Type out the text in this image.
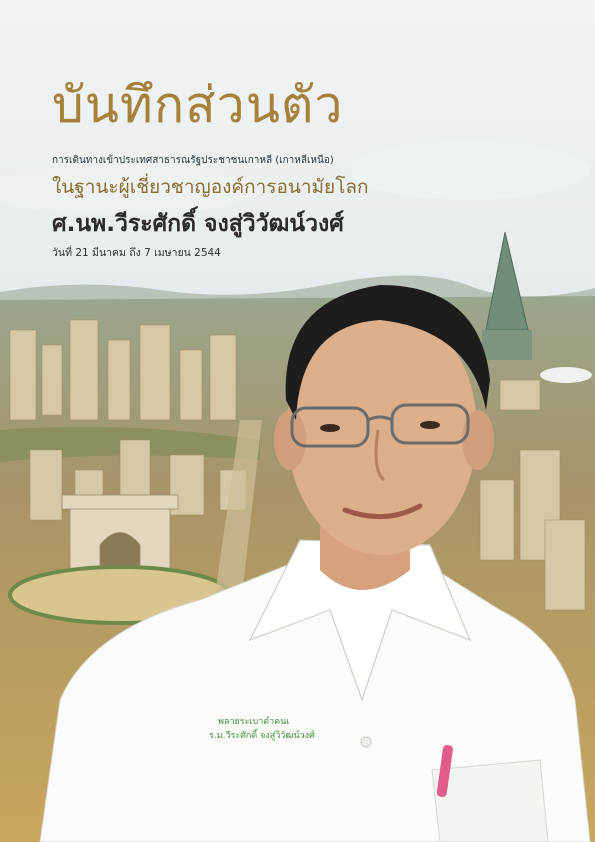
บันทึกส่วนตัว
การเดินทางเข้าประเทศสาธารณรัฐประชาชนเกาหลี (เกาหลีเหนือ)
ในฐานะผู้เชี่ยวชาญองค์การอนามัยโลก
ศ.นพ.วีระศักดิ์ จงสู่วิวัฒน์วงศ์
วันที่ 21 มีนาคม ถึง 7 เมษายน 2544
พลายระเบาดำคนเ
ร.ม.วีระศักดิ์ จงสู่วิวัฒน์วงศ์
